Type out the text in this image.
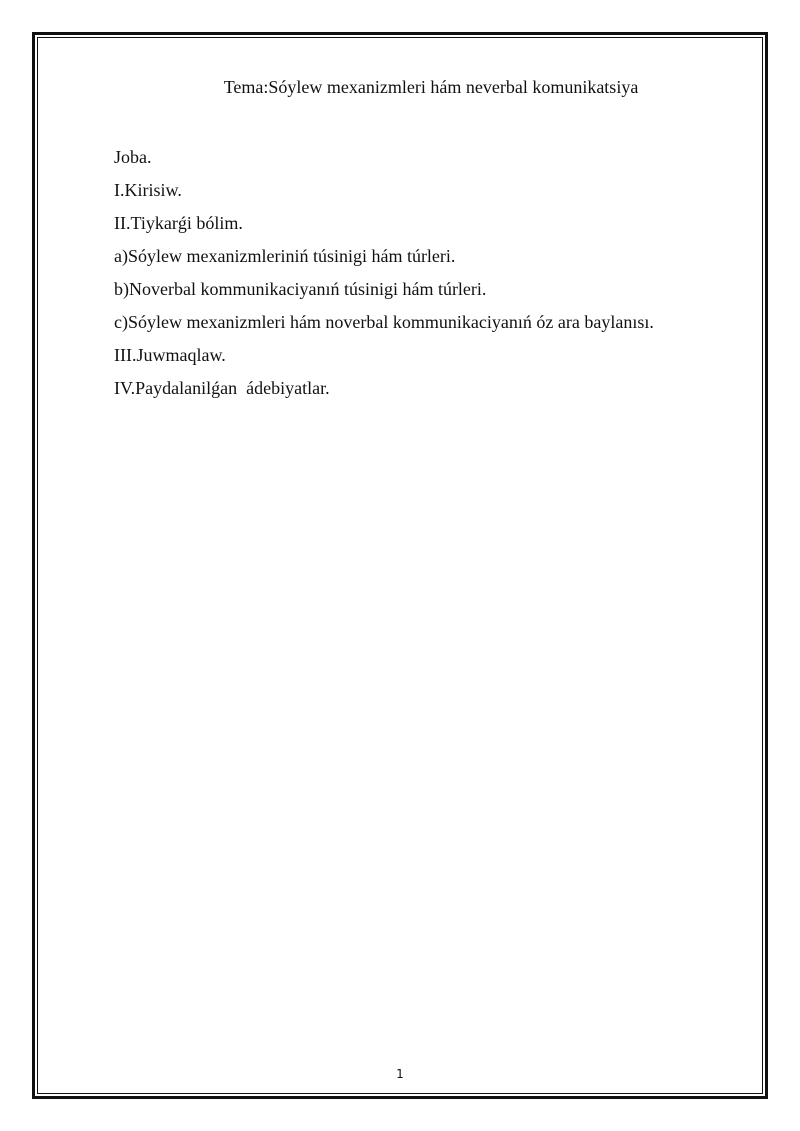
Tema:Sóylew mexanizmleri hám neverbal komunikatsiya

Joba.

I.Kirisiw.

II.Tiykarǵi bólim.

a)Sóylew mexanizmleriniń túsinigi hám túrleri.

b)Noverbal kommunikaciyanıń túsinigi hám túrleri.

c)Sóylew mexanizmleri hám noverbal kommunikaciyanıń óz ara baylanısı.

III.Juwmaqlaw.

IV.Paydalanilǵan  ádebiyatlar.

1
